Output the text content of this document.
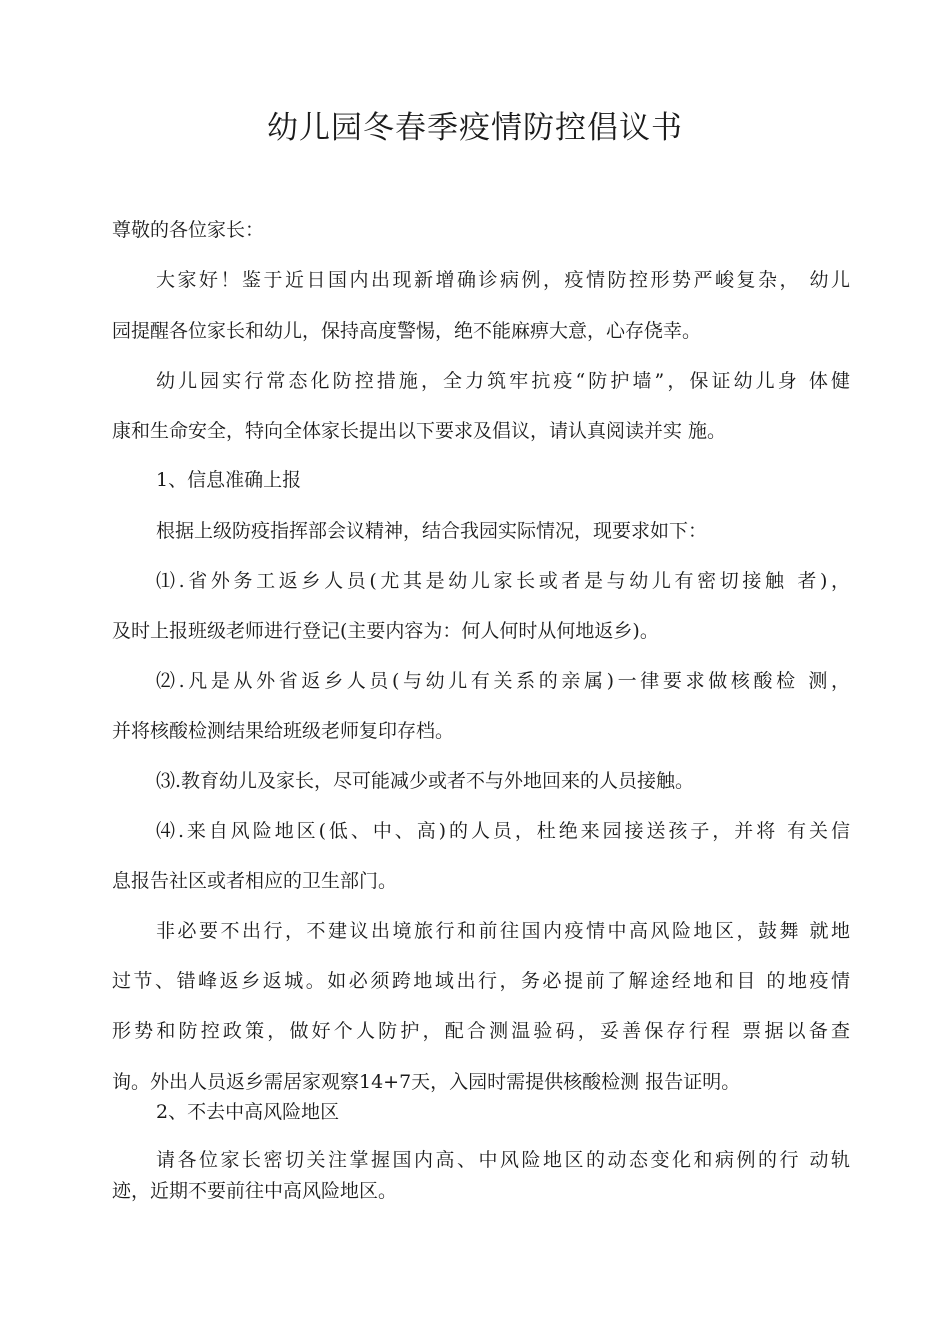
幼儿园冬春季疫情防控倡议书
尊敬的各位家长：
大家好！鉴于近日国内出现新增确诊病例，疫情防控形势严峻复杂， 幼儿
园提醒各位家长和幼儿，保持高度警惕，绝不能麻痹大意，心存侥幸。
幼儿园实行常态化防控措施，全力筑牢抗疫“防护墙”，保证幼儿身 体健
康和生命安全，特向全体家长提出以下要求及倡议，请认真阅读并实 施。
1、信息准确上报
根据上级防疫指挥部会议精神，结合我园实际情况，现要求如下：
⑴.省外务工返乡人员(尤其是幼儿家长或者是与幼儿有密切接触 者)，
及时上报班级老师进行登记(主要内容为：何人何时从何地返乡)。
⑵.凡是从外省返乡人员(与幼儿有关系的亲属)一律要求做核酸检 测，
并将核酸检测结果给班级老师复印存档。
⑶.教育幼儿及家长，尽可能减少或者不与外地回来的人员接触。
⑷.来自风险地区(低、中、高)的人员，杜绝来园接送孩子，并将 有关信
息报告社区或者相应的卫生部门。
非必要不出行，不建议出境旅行和前往国内疫情中高风险地区，鼓舞 就地
过节、错峰返乡返城。如必须跨地域出行，务必提前了解途经地和目 的地疫情
形势和防控政策，做好个人防护，配合测温验码，妥善保存行程 票据以备查
询。外出人员返乡需居家观察14+7天，入园时需提供核酸检测 报告证明。
2、不去中高风险地区
请各位家长密切关注掌握国内高、中风险地区的动态变化和病例的行 动轨
迹，近期不要前往中高风险地区。
